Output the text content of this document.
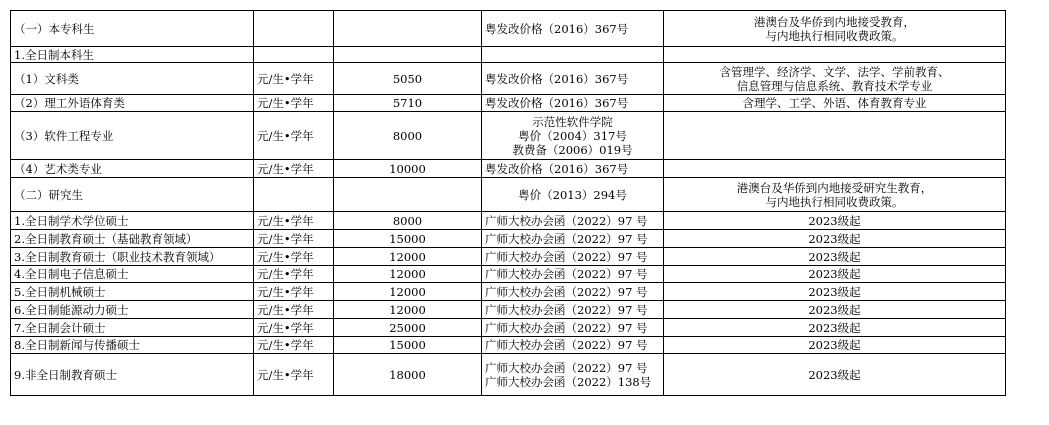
（一）本专科生			粤发改价格（2016）367号	港澳台及华侨到内地接受教育，
与内地执行相同收费政策。

1.全日制本科生				
（1）文科类	元/生•学年	5050	粤发改价格（2016）367号	含管理学、经济学、文学、法学、学前教育、
信息管理与信息系统、教育技术学专业

（2）理工外语体育类	元/生•学年	5710	粤发改价格（2016）367号	含理学、工学、外语、体育教育专业

（3）软件工程专业	元/生•学年	8000	示范性软件学院
粤价（2004）317号
教费备（2006）019号	

（4）艺术类专业	元/生•学年	10000	粤发改价格（2016）367号	

（二）研究生			粤价（2013）294号	港澳台及华侨到内地接受研究生教育，
与内地执行相同收费政策。

1.全日制学术学位硕士	元/生•学年	8000	广师大校办会函（2022）97 号	2023级起

2.全日制教育硕士（基础教育领域）	元/生•学年	15000	广师大校办会函（2022）97 号	2023级起

3.全日制教育硕士（职业技术教育领域）	元/生•学年	12000	广师大校办会函（2022）97 号	2023级起

4.全日制电子信息硕士	元/生•学年	12000	广师大校办会函（2022）97 号	2023级起

5.全日制机械硕士	元/生•学年	12000	广师大校办会函（2022）97 号	2023级起

6.全日制能源动力硕士	元/生•学年	12000	广师大校办会函（2022）97 号	2023级起

7.全日制会计硕士	元/生•学年	25000	广师大校办会函（2022）97 号	2023级起

8.全日制新闻与传播硕士	元/生•学年	15000	广师大校办会函（2022）97 号	2023级起

9.非全日制教育硕士	元/生•学年	18000	广师大校办会函（2022）97 号
广师大校办会函（2022）138号	2023级起
